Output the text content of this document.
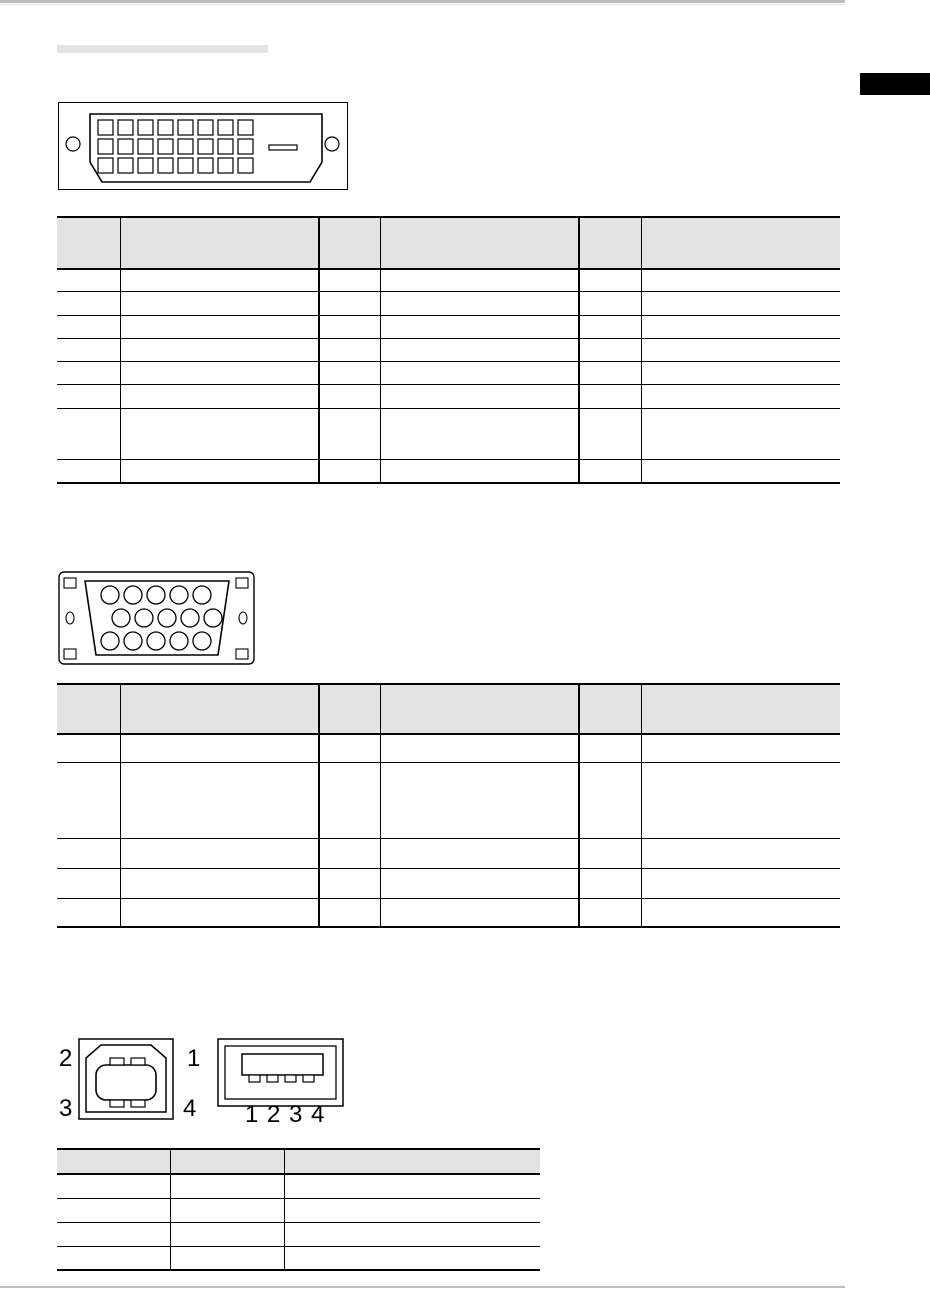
2	1
3	4 1 2 3 4
